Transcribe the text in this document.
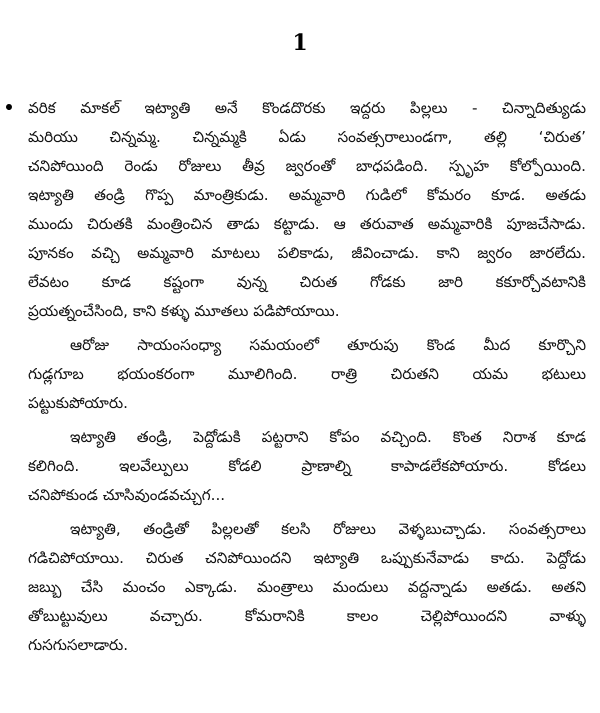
1
వరిక మాకల్ ఇట్యాతి అనే కొండదొరకు ఇద్దరు పిల్లలు - చిన్నాదిత్యుడు
మరియు చిన్నమ్మ. చిన్నమ్మకి ఏడు సంవత్సరాలుండగా, తల్లి ‘చిరుత’
చనిపోయింది రెండు రోజులు తీవ్ర జ్వరంతో బాధపడింది. స్పృహ కోల్పోయింది.
ఇట్యాతి తండ్రి గొప్ప మాంత్రికుడు. అమ్మవారి గుడిలో కోమరం కూడ. అతడు
ముందు చిరుతకి మంత్రించిన తాడు కట్టాడు. ఆ తరువాత అమ్మవారికి పూజచేసాడు.
పూనకం వచ్చి అమ్మవారి మాటలు పలికాడు, జీవించాడు. కాని జ్వరం జారలేదు.
లేవటం కూడ కష్టంగా వున్న చిరుత గోడకు జారి కకూర్చోవటానికి
ప్రయత్నంచేసింది, కాని కళ్ళు మూతలు పడిపోయాయి.
ఆరోజు సాయంసంధ్యా సమయంలో తూరుపు కొండ మీద కూర్చొని
గుడ్లగూబ భయంకరంగా మూలిగింది. రాత్రి చిరుతని యమ భటులు
పట్టుకుపోయారు.
ఇట్యాతి తండ్రి, పెద్దోడుకి పట్టరాని కోపం వచ్చింది. కొంత నిరాశ కూడ
కలిగింది. ఇలవేల్పులు కోడలి ప్రాణాల్ని కాపాడలేకపోయారు. కోడలు
చనిపోకుండ చూసివుండవచ్చుగ...
ఇట్యాతి, తండ్రితో పిల్లలతో కలసి రోజులు వెళ్ళబుచ్చాడు. సంవత్సరాలు
గడిచిపోయాయి. చిరుత చనిపోయిందని ఇట్యాతి ఒప్పుకునేవాడు కాదు. పెద్దోడు
జబ్బు చేసి మంచం ఎక్కాడు. మంత్రాలు మందులు వద్దన్నాడు అతడు. అతని
తోబుట్టువులు వచ్చారు. కోమరానికి కాలం చెల్లిపోయిందని వాళ్ళు
గుసగుసలాడారు.
